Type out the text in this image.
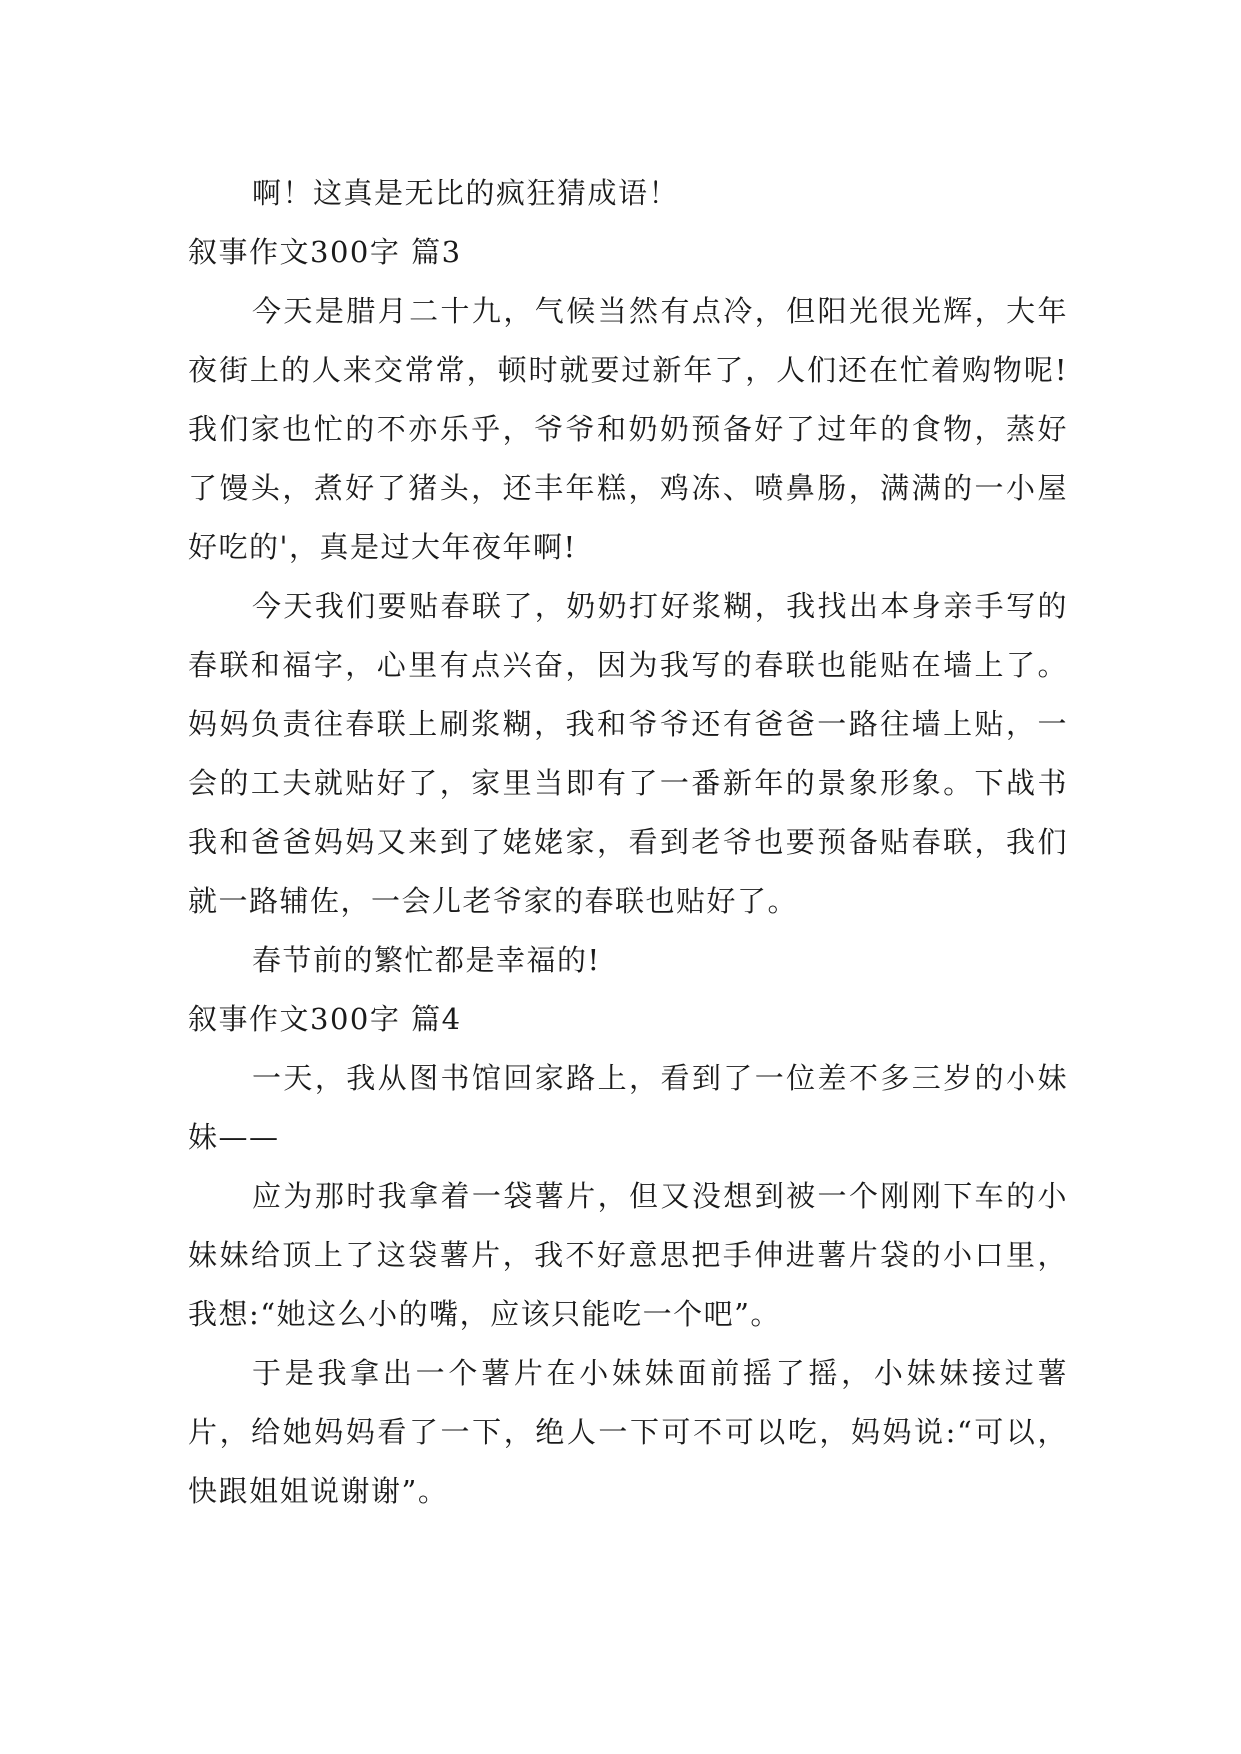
啊！这真是无比的疯狂猜成语！

叙事作文300字 篇3

今天是腊月二十九，气候当然有点冷，但阳光很光辉，大年夜街上的人来交常常，顿时就要过新年了，人们还在忙着购物呢!我们家也忙的不亦乐乎，爷爷和奶奶预备好了过年的食物，蒸好了馒头，煮好了猪头，还丰年糕，鸡冻、喷鼻肠，满满的一小屋好吃的'，真是过大年夜年啊!

今天我们要贴春联了，奶奶打好浆糊，我找出本身亲手写的春联和福字，心里有点兴奋，因为我写的春联也能贴在墙上了。妈妈负责往春联上刷浆糊，我和爷爷还有爸爸一路往墙上贴，一会的工夫就贴好了，家里当即有了一番新年的景象形象。下战书我和爸爸妈妈又来到了姥姥家，看到老爷也要预备贴春联，我们就一路辅佐，一会儿老爷家的春联也贴好了。

春节前的繁忙都是幸福的!

叙事作文300字 篇4

一天，我从图书馆回家路上，看到了一位差不多三岁的小妹妹——

应为那时我拿着一袋薯片，但又没想到被一个刚刚下车的小妹妹给顶上了这袋薯片，我不好意思把手伸进薯片袋的小口里，我想:“她这么小的嘴，应该只能吃一个吧”。

于是我拿出一个薯片在小妹妹面前摇了摇，小妹妹接过薯片，给她妈妈看了一下，绝人一下可不可以吃，妈妈说:“可以，快跟姐姐说谢谢”。
